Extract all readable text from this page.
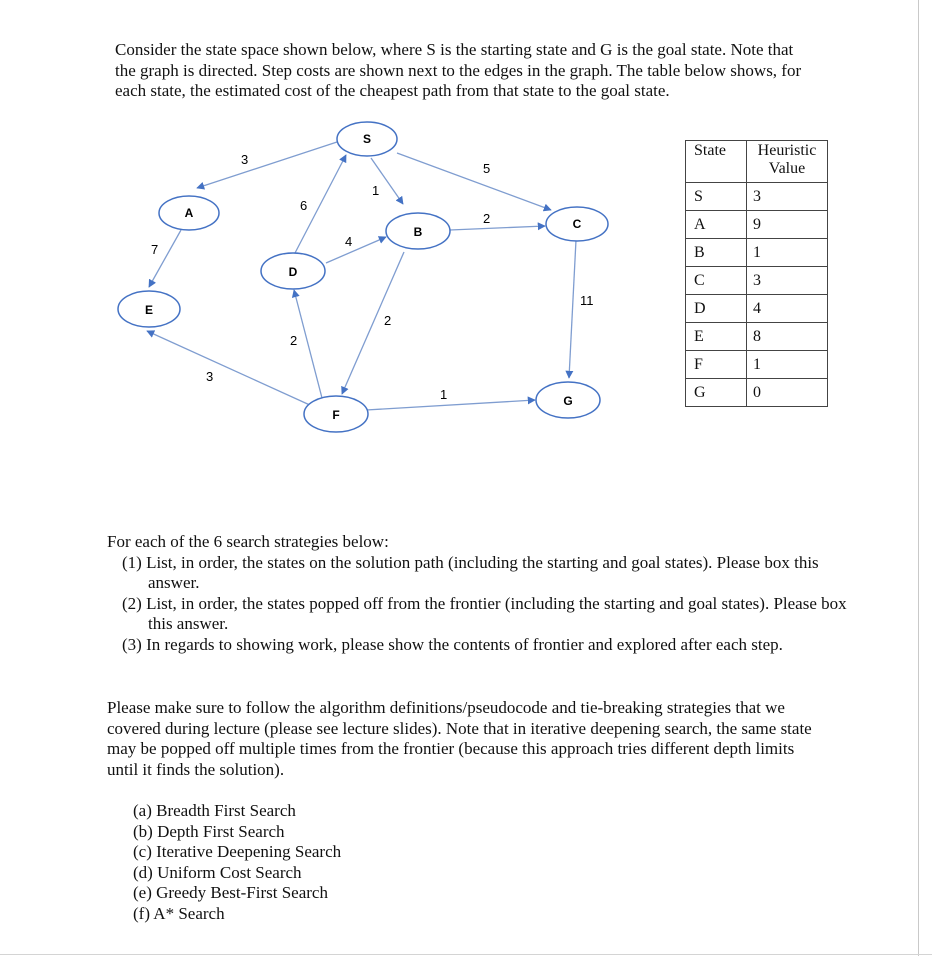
Consider the state space shown below, where S is the starting state and G is the goal state. Note that the graph is directed. Step costs are shown next to the edges in the graph. The table below shows, for each state, the estimated cost of the cheapest path from that state to the goal state.

3
1
5
6
4
2
2
7
3
2
1
11
S
A
B
C
D
E
F
G
State	Heuristic Value
S	3
A	9
B	1
C	3
D	4
E	8
F	1
G	0
For each of the 6 search strategies below:
(1) List, in order, the states on the solution path (including the starting and goal states). Please box this answer.
(2) List, in order, the states popped off from the frontier (including the starting and goal states). Please box this answer.
(3) In regards to showing work, please show the contents of frontier and explored after each step.

Please make sure to follow the algorithm definitions/pseudocode and tie-breaking strategies that we covered during lecture (please see lecture slides). Note that in iterative deepening search, the same state may be popped off multiple times from the frontier (because this approach tries different depth limits until it finds the solution).

(a) Breadth First Search
(b) Depth First Search
(c) Iterative Deepening Search
(d) Uniform Cost Search
(e) Greedy Best-First Search
(f) A* Search
